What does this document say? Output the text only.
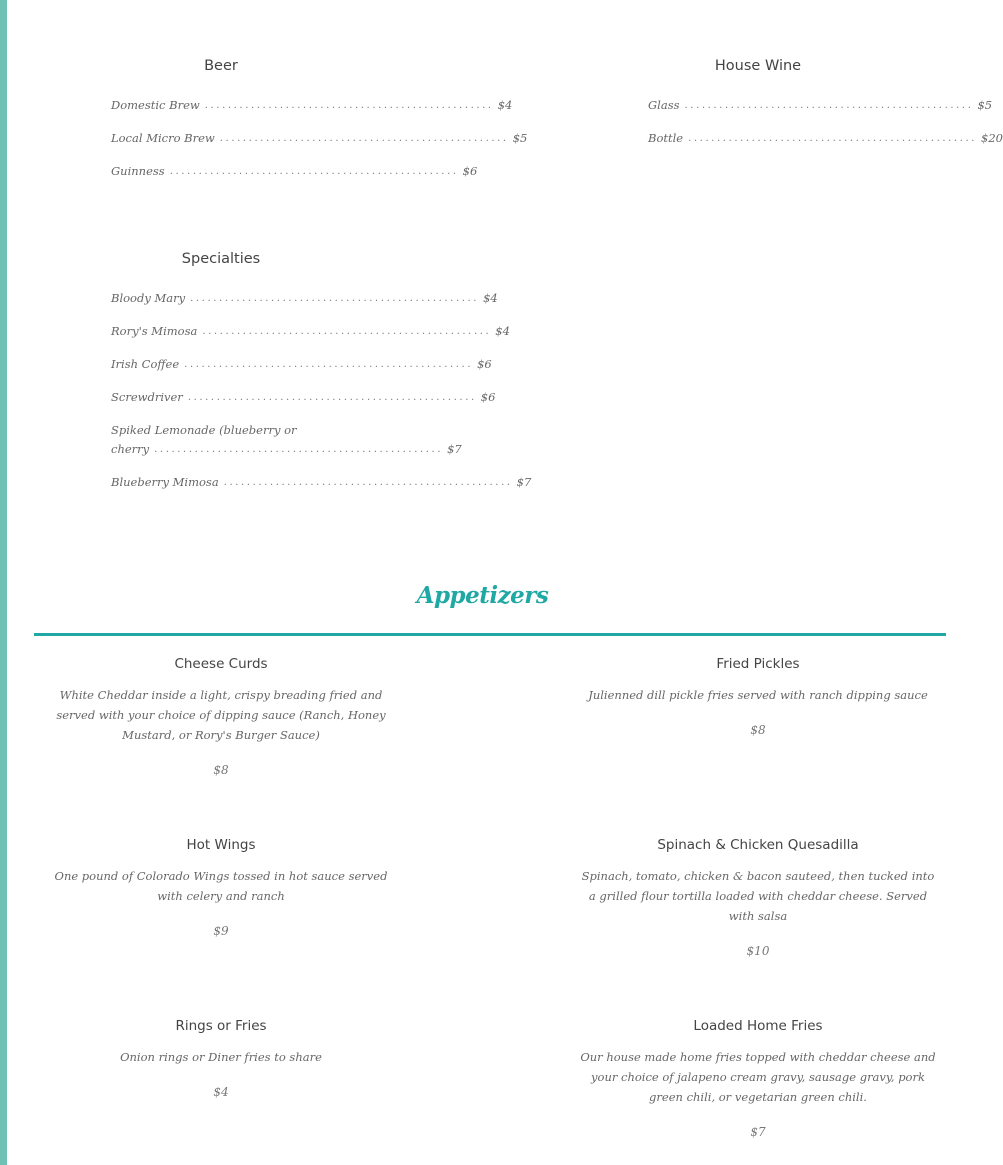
Beer
Domestic Brew .................................................. $4
Local Micro Brew .................................................. $5
Guinness .................................................. $6
House Wine
Glass .................................................. $5
Bottle .................................................. $20
Specialties
Bloody Mary .................................................. $4
Rory's Mimosa .................................................. $4
Irish Coffee .................................................. $6
Screwdriver .................................................. $6
Spiked Lemonade (blueberry or
cherry .................................................. $7
Blueberry Mimosa .................................................. $7
Appetizers
Cheese Curds
White Cheddar inside a light, crispy breading fried and served with your choice of dipping sauce (Ranch, Honey Mustard, or Rory's Burger Sauce)
$8
Fried Pickles
Julienned dill pickle fries served with ranch dipping sauce
$8
Hot Wings
One pound of Colorado Wings tossed in hot sauce served with celery and ranch
$9
Spinach & Chicken Quesadilla
Spinach, tomato, chicken & bacon sauteed, then tucked into a grilled flour tortilla loaded with cheddar cheese. Served with salsa
$10
Rings or Fries
Onion rings or Diner fries to share
$4
Loaded Home Fries
Our house made home fries topped with cheddar cheese and your choice of jalapeno cream gravy, sausage gravy, pork green chili, or vegetarian green chili.
$7
